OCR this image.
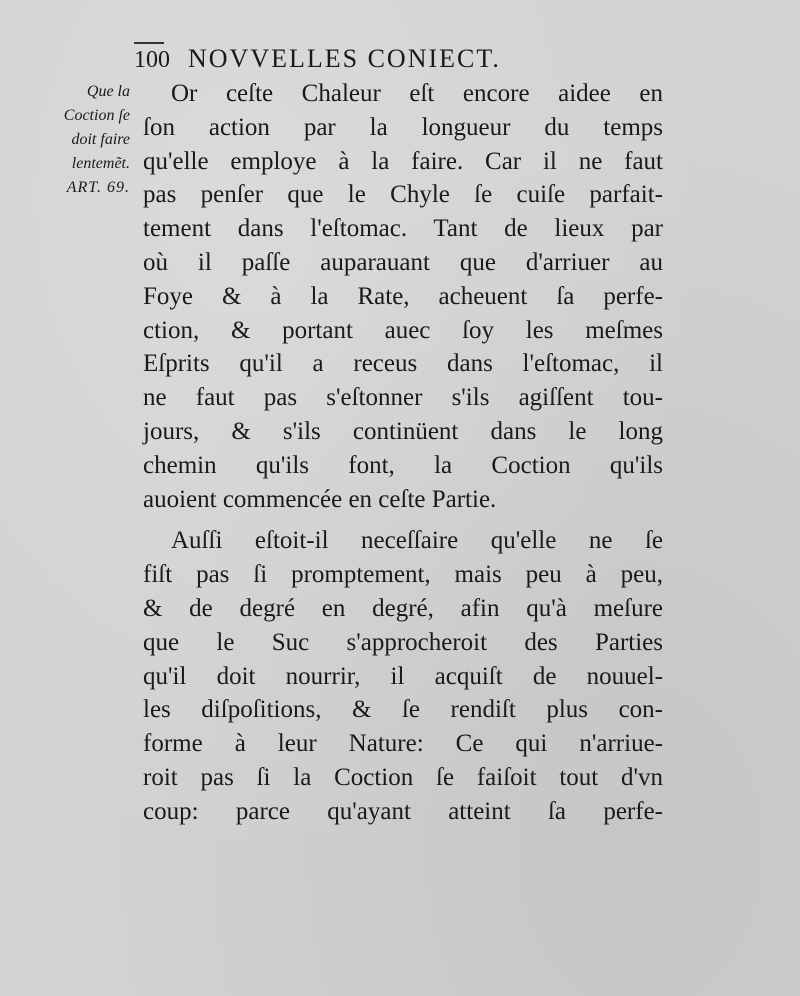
100 NOVVELLES CONIECT.
Que la
Coction ſe
doit faire
lentemẽt.
ART. 69.
Or ceſte Chaleur eſt encore aidee en
ſon action par la longueur du temps
qu'elle employe à la faire. Car il ne faut
pas penſer que le Chyle ſe cuiſe parfait-
tement dans l'eſtomac. Tant de lieux par
où il paſſe auparauant que d'arriuer au
Foye & à la Rate, acheuent ſa perfe-
ction, & portant auec ſoy les meſmes
Eſprits qu'il a receus dans l'eſtomac, il
ne faut pas s'eſtonner s'ils agiſſent tou-
jours, & s'ils continüent dans le long
chemin qu'ils font, la Coction qu'ils
auoient commencée en ceſte Partie.
Auſſi eſtoit-il neceſſaire qu'elle ne ſe
fiſt pas ſi promptement, mais peu à peu,
& de degré en degré, afin qu'à meſure
que le Suc s'approcheroit des Parties
qu'il doit nourrir, il acquiſt de nouuel-
les diſpoſitions, & ſe rendiſt plus con-
forme à leur Nature: Ce qui n'arriue-
roit pas ſi la Coction ſe faiſoit tout d'vn
coup: parce qu'ayant atteint ſa perfe-
